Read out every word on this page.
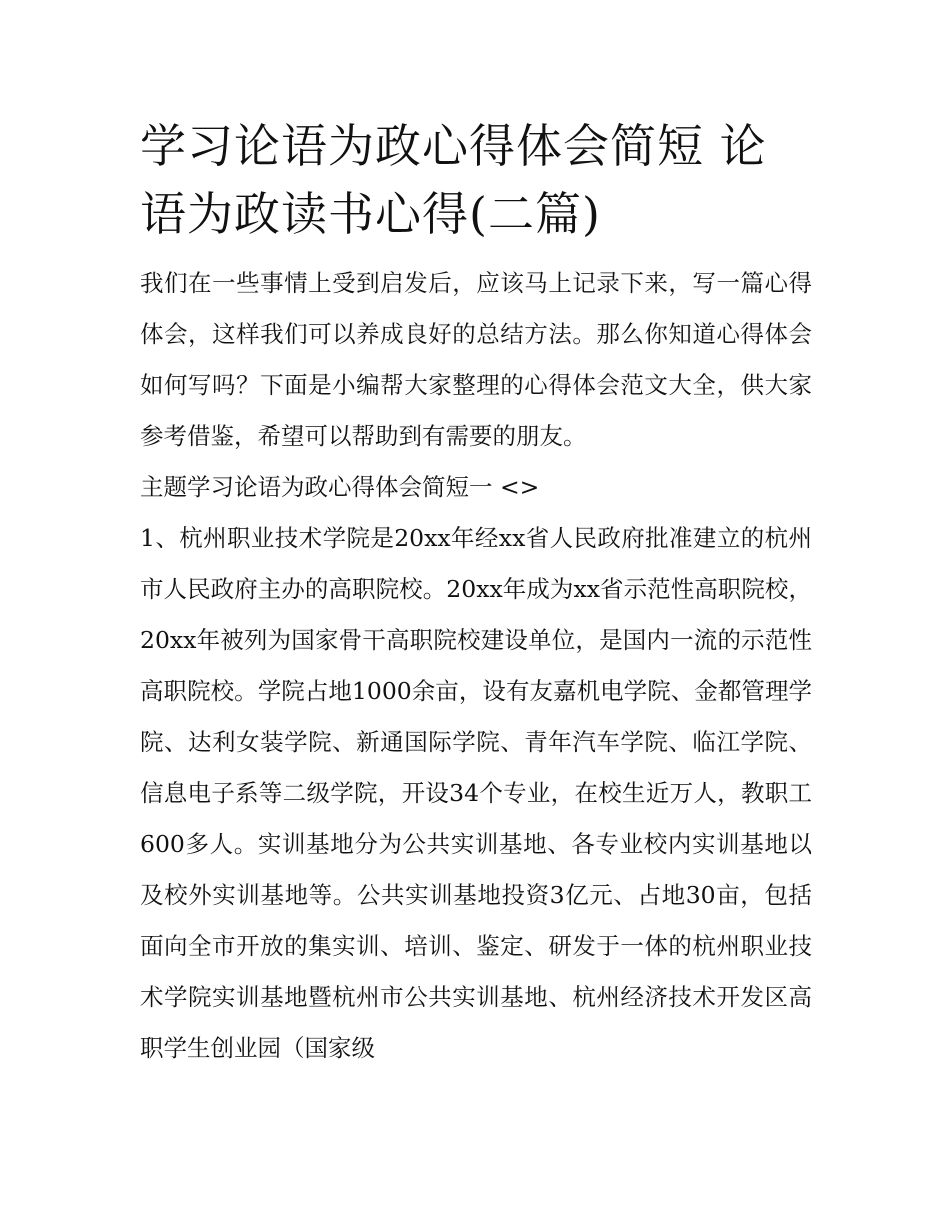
学习论语为政心得体会简短 论语为政读书心得(二篇)

我们在一些事情上受到启发后，应该马上记录下来，写一篇心得体会，这样我们可以养成良好的总结方法。那么你知道心得体会如何写吗？下面是小编帮大家整理的心得体会范文大全，供大家参考借鉴，希望可以帮助到有需要的朋友。

主题学习论语为政心得体会简短一 <>

1、杭州职业技术学院是20xx年经xx省人民政府批准建立的杭州市人民政府主办的高职院校。20xx年成为xx省示范性高职院校，20xx年被列为国家骨干高职院校建设单位，是国内一流的示范性高职院校。学院占地1000余亩，设有友嘉机电学院、金都管理学院、达利女装学院、新通国际学院、青年汽车学院、临江学院、信息电子系等二级学院，开设34个专业，在校生近万人，教职工600多人。实训基地分为公共实训基地、各专业校内实训基地以及校外实训基地等。公共实训基地投资3亿元、占地30亩，包括面向全市开放的集实训、培训、鉴定、研发于一体的杭州职业技术学院实训基地暨杭州市公共实训基地、杭州经济技术开发区高职学生创业园（国家级
